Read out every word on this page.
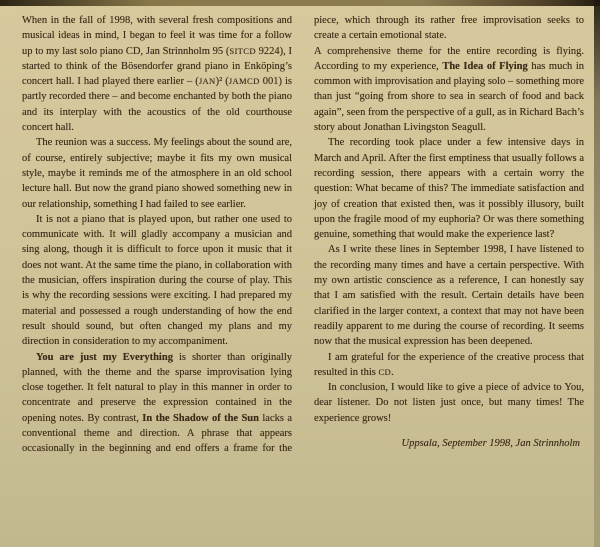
When in the fall of 1998, with several fresh compositions and musical ideas in mind, I began to feel it was time for a follow up to my last solo piano CD, Jan Strinnholm 95 (SITCD 9224), I started to think of the Bösendorfer grand piano in Enköping’s concert hall. I had played there earlier – (JAN)² (JAMCD 001) is partly recorded there – and become enchanted by both the piano and its interplay with the acoustics of the old courthouse concert hall.

The reunion was a success. My feelings about the sound are, of course, entirely subjective; maybe it fits my own musical style, maybe it reminds me of the atmosphere in an old school lecture hall. But now the grand piano showed something new in our relationship, something I had failed to see earlier.

It is not a piano that is played upon, but rather one used to communicate with. It will gladly accompany a musician and sing along, though it is difficult to force upon it music that it does not want. At the same time the piano, in collaboration with the musician, offers inspiration during the course of play. This is why the recording sessions were exciting. I had prepared my material and possessed a rough understanding of how the end result should sound, but often changed my plans and my direction in consideration to my accompaniment.

You are just my Everything is shorter than originally planned, with the theme and the sparse improvisation lying close together. It felt natural to play in this manner in order to concentrate and preserve the expression contained in the opening notes. By contrast, In the Shadow of the Sun lacks a conventional theme and direction. A phrase that appears occasionally in the beginning and end offers a frame for the

piece, which through its rather free improvisation seeks to create a certain emotional state.

A comprehensive theme for the entire recording is flying. According to my experience, The Idea of Flying has much in common with improvisation and playing solo – something more than just “going from shore to sea in search of food and back again”, seen from the perspective of a gull, as in Richard Bach’s story about Jonathan Livingston Seagull.

The recording took place under a few intensive days in March and April. After the first emptiness that usually follows a recording session, there appears with a certain worry the question: What became of this? The immediate satisfaction and joy of creation that existed then, was it possibly illusory, built upon the fragile mood of my euphoria? Or was there something genuine, something that would make the experience last?

As I write these lines in September 1998, I have listened to the recording many times and have a certain perspective. With my own artistic conscience as a reference, I can honestly say that I am satisfied with the result. Certain details have been clarified in the larger context, a context that may not have been readily apparent to me during the course of recording. It seems now that the musical expression has been deepened.

I am grateful for the experience of the creative process that resulted in this CD.

In conclusion, I would like to give a piece of advice to You, dear listener. Do not listen just once, but many times! The experience grows!

Uppsala, September 1998, Jan Strinnholm
